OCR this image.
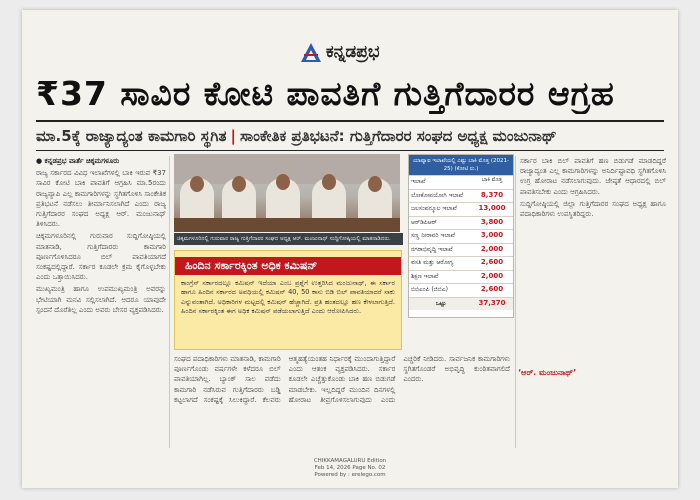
ಕನ್ನಡಪ್ರಭ
₹37 ಸಾವಿರ ಕೋಟಿ ಪಾವತಿಗೆ ಗುತ್ತಿಗೆದಾರರ ಆಗ್ರಹ
ಮಾ.5ಕ್ಕೆ ರಾಜ್ಯಾದ್ಯಂತ ಕಾಮಗಾರಿ ಸ್ಥಗಿತ | ಸಾಂಕೇತಿಕ ಪ್ರತಿಭಟನೆ: ಗುತ್ತಿಗೆದಾರರ ಸಂಘದ ಅಧ್ಯಕ್ಷ ಮಂಜುನಾಥ್

● ಕನ್ನಡಪ್ರಭ ವಾರ್ತೆ ಚಿಕ್ಕಮಗಳೂರು

ರಾಜ್ಯ ಸರ್ಕಾರದ ವಿವಿಧ ಇಲಾಖೆಗಳಲ್ಲಿ ಬಾಕಿ ಇರುವ ₹37 ಸಾವಿರ ಕೋಟಿ ಬಾಕಿ ಪಾವತಿಗೆ ಆಗ್ರಹಿಸಿ ಮಾ.5ರಂದು ರಾಜ್ಯವ್ಯಾಪಿ ಎಲ್ಲ ಕಾಮಗಾರಿಗಳನ್ನು ಸ್ಥಗಿತಗೊಳಿಸಿ ಸಾಂಕೇತಿಕ ಪ್ರತಿಭಟನೆ ನಡೆಸಲು ತೀರ್ಮಾನಿಸಲಾಗಿದೆ ಎಂದು ರಾಜ್ಯ ಗುತ್ತಿಗೆದಾರರ ಸಂಘದ ಅಧ್ಯಕ್ಷ ಆರ್. ಮಂಜುನಾಥ್ ತಿಳಿಸಿದರು.

ಚಿಕ್ಕಮಗಳೂರಿನಲ್ಲಿ ಗುರುವಾರ ಸುದ್ದಿಗೋಷ್ಠಿಯಲ್ಲಿ ಮಾತನಾಡಿ, ಗುತ್ತಿಗೆದಾರರು ಕಾಮಗಾರಿ ಪೂರ್ಣಗೊಳಿಸಿದರೂ ಬಿಲ್ ಪಾವತಿಯಾಗದೆ ಸಂಕಷ್ಟದಲ್ಲಿದ್ದಾರೆ. ಸರ್ಕಾರ ಕೂಡಲೇ ಕ್ರಮ ಕೈಗೊಳ್ಳಬೇಕು ಎಂದು ಒತ್ತಾಯಿಸಿದರು.

ಮುಖ್ಯಮಂತ್ರಿ ಹಾಗೂ ಉಪಮುಖ್ಯಮಂತ್ರಿ ಅವರನ್ನು ಭೇಟಿಯಾಗಿ ಮನವಿ ಸಲ್ಲಿಸಲಾಗಿದೆ. ಆದರೂ ಯಾವುದೇ ಸ್ಪಂದನೆ ದೊರೆತಿಲ್ಲ ಎಂದು ಅವರು ಬೇಸರ ವ್ಯಕ್ತಪಡಿಸಿದರು.

ಚಿಕ್ಕಮಗಳೂರಿನಲ್ಲಿ ಗುರುವಾರ ರಾಜ್ಯ ಗುತ್ತಿಗೆದಾರರ ಸಂಘದ ಅಧ್ಯಕ್ಷ ಆರ್. ಮಂಜುನಾಥ್ ಸುದ್ದಿಗೋಷ್ಠಿಯಲ್ಲಿ ಮಾತನಾಡಿದರು.
ಹಿಂದಿನ ಸರ್ಕಾರಕ್ಕಿಂತ ಅಧಿಕ ಕಮಿಷನ್
ಕಾಂಗ್ರೆಸ್ ಸರ್ಕಾರದಲ್ಲೂ ಕಮಿಷನ್ ಇದೆಯಾ ಎಂಬ ಪ್ರಶ್ನೆಗೆ ಉತ್ತರಿಸಿದ ಮಂಜುನಾಥ್, ಈ ಸರ್ಕಾರ ಹಾಗೂ ಹಿಂದಿನ ಸರ್ಕಾರದ ಅವಧಿಯಲ್ಲಿ ಕಮಿಷನ್ 40, 50 ಕಾಸು ಬಿಡಿ ಬಿಲ್ ಪಾವತಿಯಾದರೆ ಸಾಕು ಎನ್ನುವಂತಾಗಿದೆ. ಅಧಿಕಾರಿಗಳ ಮಟ್ಟದಲ್ಲಿ ಕಮಿಷನ್ ಹೆಚ್ಚಾಗಿದೆ. ಪ್ರತಿ ಹಂತದಲ್ಲೂ ಹಣ ಕೇಳಲಾಗುತ್ತಿದೆ. ಹಿಂದಿನ ಸರ್ಕಾರಕ್ಕಿಂತ ಈಗ ಅಧಿಕ ಕಮಿಷನ್ ಪಡೆಯಲಾಗುತ್ತಿದೆ ಎಂದು ಆರೋಪಿಸಿದರು.
ಯಾವ್ಯಾವ ಇಲಾಖೆಯಲ್ಲಿ ಎಷ್ಟು ಬಾಕಿ ಮೊತ್ತ (2021-25) (ಕೋಟಿ ರು.)
ಇಲಾಖೆ	ಬಾಕಿ ಮೊತ್ತ
ಲೋಕೋಪಯೋಗಿ ಇಲಾಖೆ	8,370
ಜಲಸಂಪನ್ಮೂಲ ಇಲಾಖೆ	13,000
ಆರ್‌ಡಿಪಿಆರ್	3,800
ಸಣ್ಣ ನೀರಾವರಿ ಇಲಾಖೆ	3,000
ನಗರಾಭಿವೃದ್ಧಿ ಇಲಾಖೆ	2,000
ವಸತಿ ಮತ್ತು ಆರೋಗ್ಯ	2,600
ಶಿಕ್ಷಣ ಇಲಾಖೆ	2,000
ಬಿಬಿಎಂಪಿ (ಜಿಬಿಎ)	2,600
ಒಟ್ಟು	37,370

ಸರ್ಕಾರ ಬಾಕಿ ಬಿಲ್ ಪಾವತಿಗೆ ಹಣ ಬಿಡುಗಡೆ ಮಾಡದಿದ್ದರೆ ರಾಜ್ಯಾದ್ಯಂತ ಎಲ್ಲ ಕಾಮಗಾರಿಗಳನ್ನು ಅನಿರ್ದಿಷ್ಟಾವಧಿ ಸ್ಥಗಿತಗೊಳಿಸಿ ಉಗ್ರ ಹೋರಾಟ ನಡೆಸಲಾಗುವುದು. ಜೇಷ್ಠತೆ ಆಧಾರದಲ್ಲಿ ಬಿಲ್ ಪಾವತಿಸಬೇಕು ಎಂದು ಆಗ್ರಹಿಸಿದರು.

ಸುದ್ದಿಗೋಷ್ಠಿಯಲ್ಲಿ ಜಿಲ್ಲಾ ಗುತ್ತಿಗೆದಾರರ ಸಂಘದ ಅಧ್ಯಕ್ಷ ಹಾಗೂ ಪದಾಧಿಕಾರಿಗಳು ಉಪಸ್ಥಿತರಿದ್ದರು.

‘ಆರ್. ಮಂಜುನಾಥ್’

ಸಂಘದ ಪದಾಧಿಕಾರಿಗಳು ಮಾತನಾಡಿ, ಕಾಮಗಾರಿ ಪೂರ್ಣಗೊಂಡು ವರ್ಷಗಳೇ ಕಳೆದರೂ ಬಿಲ್ ಪಾವತಿಯಾಗಿಲ್ಲ. ಬ್ಯಾಂಕ್ ಸಾಲ ಪಡೆದು ಕಾಮಗಾರಿ ನಡೆಸಿರುವ ಗುತ್ತಿಗೆದಾರರು ಬಡ್ಡಿ ಕಟ್ಟಲಾಗದೆ ಸಂಕಷ್ಟಕ್ಕೆ ಸಿಲುಕಿದ್ದಾರೆ. ಕೆಲವರು ಆತ್ಮಹತ್ಯೆಯಂತಹ ನಿರ್ಧಾರಕ್ಕೆ ಮುಂದಾಗುತ್ತಿದ್ದಾರೆ ಎಂದು ಆತಂಕ ವ್ಯಕ್ತಪಡಿಸಿದರು. ಸರ್ಕಾರ ಕೂಡಲೇ ಎಚ್ಚೆತ್ತುಕೊಂಡು ಬಾಕಿ ಹಣ ಬಿಡುಗಡೆ ಮಾಡಬೇಕು. ಇಲ್ಲದಿದ್ದರೆ ಮುಂದಿನ ದಿನಗಳಲ್ಲಿ ಹೋರಾಟ ತೀವ್ರಗೊಳಿಸಲಾಗುವುದು ಎಂದು ಎಚ್ಚರಿಕೆ ನೀಡಿದರು. ಸಾರ್ವಜನಿಕ ಕಾಮಗಾರಿಗಳು ಸ್ಥಗಿತಗೊಂಡರೆ ಅಭಿವೃದ್ಧಿ ಕುಂಠಿತವಾಗಲಿದೆ ಎಂದರು.

CHIKKAMAGALURU Edition
Feb 14, 2026 Page No. 02
Powered by : erelego.com
